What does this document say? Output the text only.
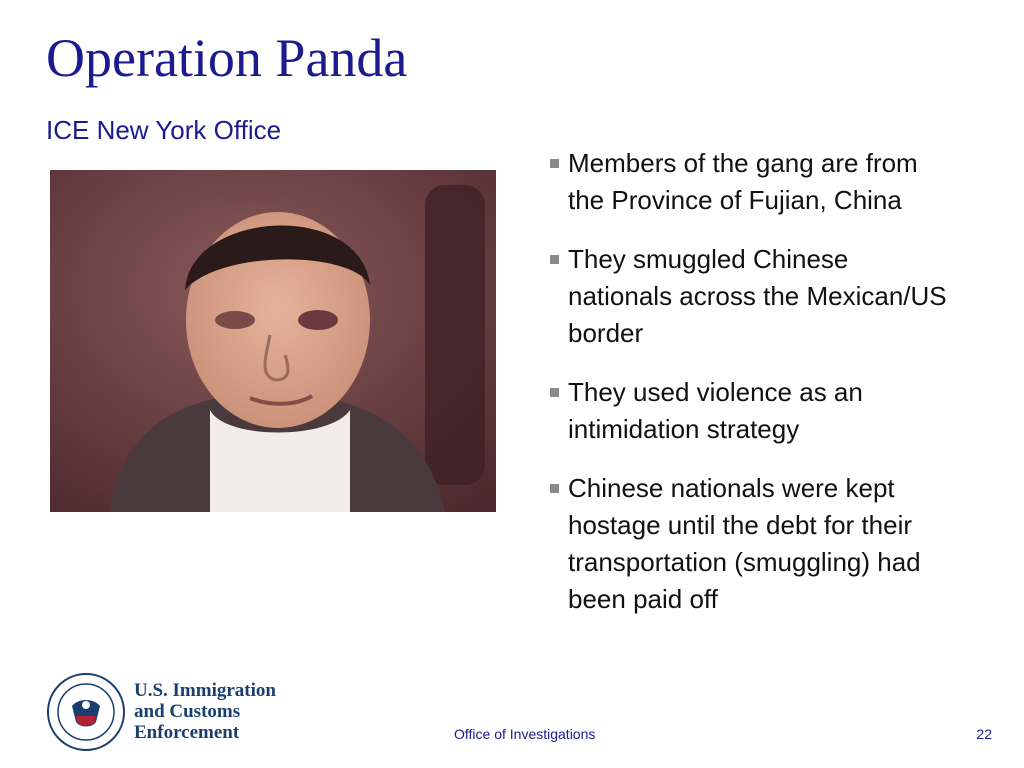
Operation Panda
ICE New York Office
Members of the gang are from the Province of Fujian, China
They smuggled Chinese nationals across the Mexican/US border
They used violence as an intimidation strategy
Chinese nationals were kept hostage until the debt for their transportation (smuggling) had been paid off
U.S. Immigration
and Customs
Enforcement	Office of Investigations	22
